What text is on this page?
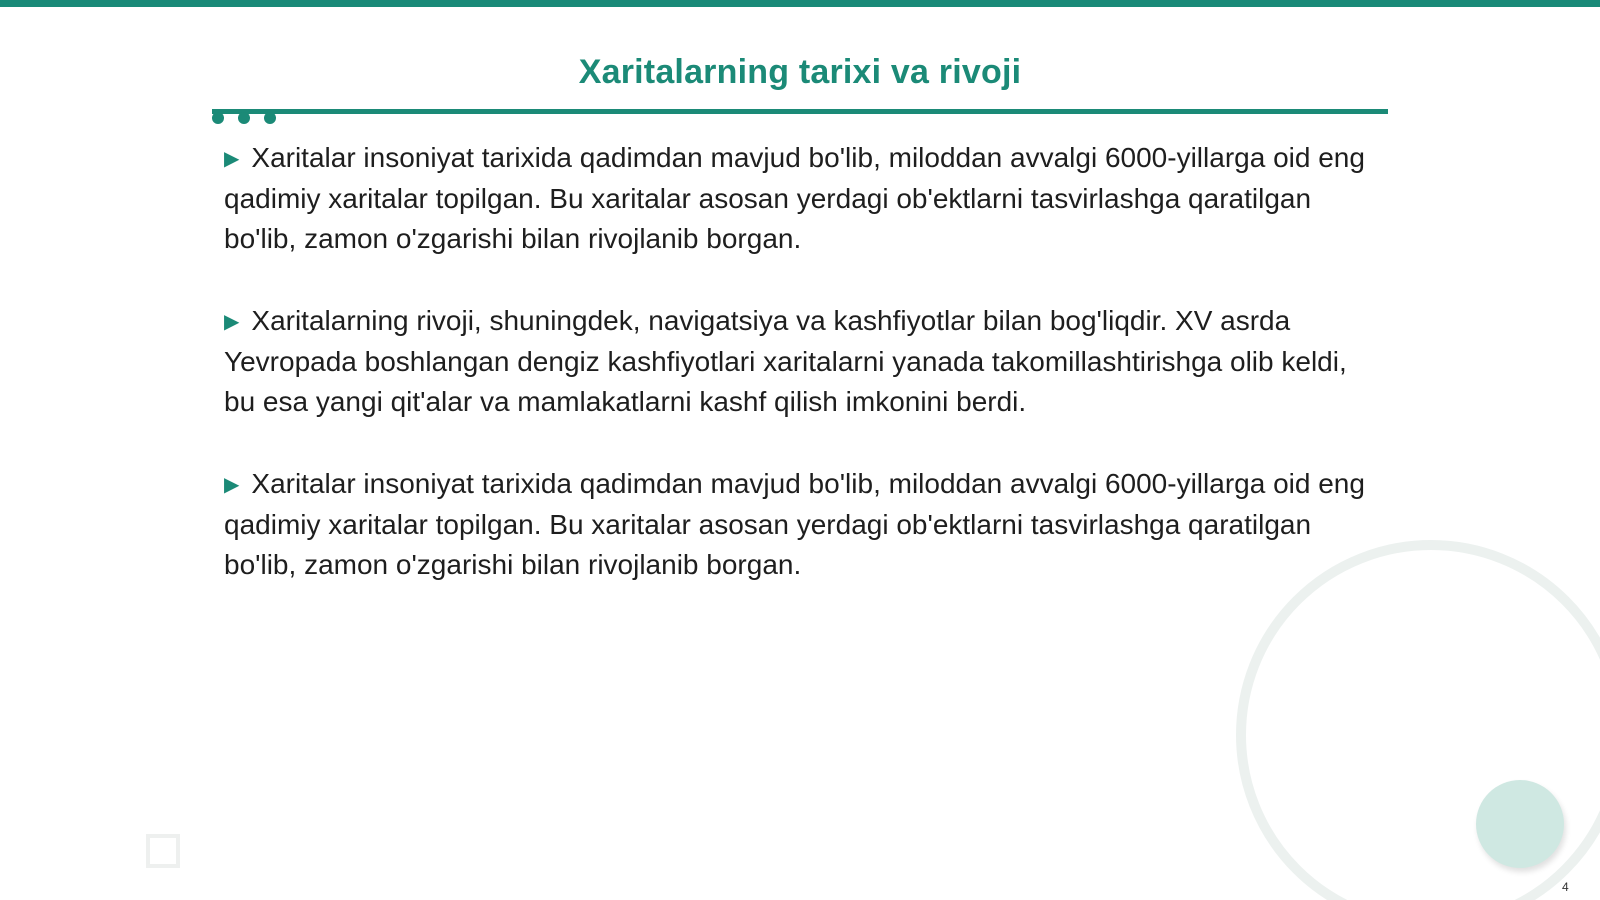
Xaritalarning tarixi va rivoji

▶ Xaritalar insoniyat tarixida qadimdan mavjud bo'lib, miloddan avvalgi 6000-yillarga oid eng qadimiy xaritalar topilgan. Bu xaritalar asosan yerdagi ob'ektlarni tasvirlashga qaratilgan bo'lib, zamon o'zgarishi bilan rivojlanib borgan.

▶ Xaritalarning rivoji, shuningdek, navigatsiya va kashfiyotlar bilan bog'liqdir. XV asrda Yevropada boshlangan dengiz kashfiyotlari xaritalarni yanada takomillashtirishga olib keldi, bu esa yangi qit'alar va mamlakatlarni kashf qilish imkonini berdi.

▶ Xaritalar insoniyat tarixida qadimdan mavjud bo'lib, miloddan avvalgi 6000-yillarga oid eng qadimiy xaritalar topilgan. Bu xaritalar asosan yerdagi ob'ektlarni tasvirlashga qaratilgan bo'lib, zamon o'zgarishi bilan rivojlanib borgan.

4
